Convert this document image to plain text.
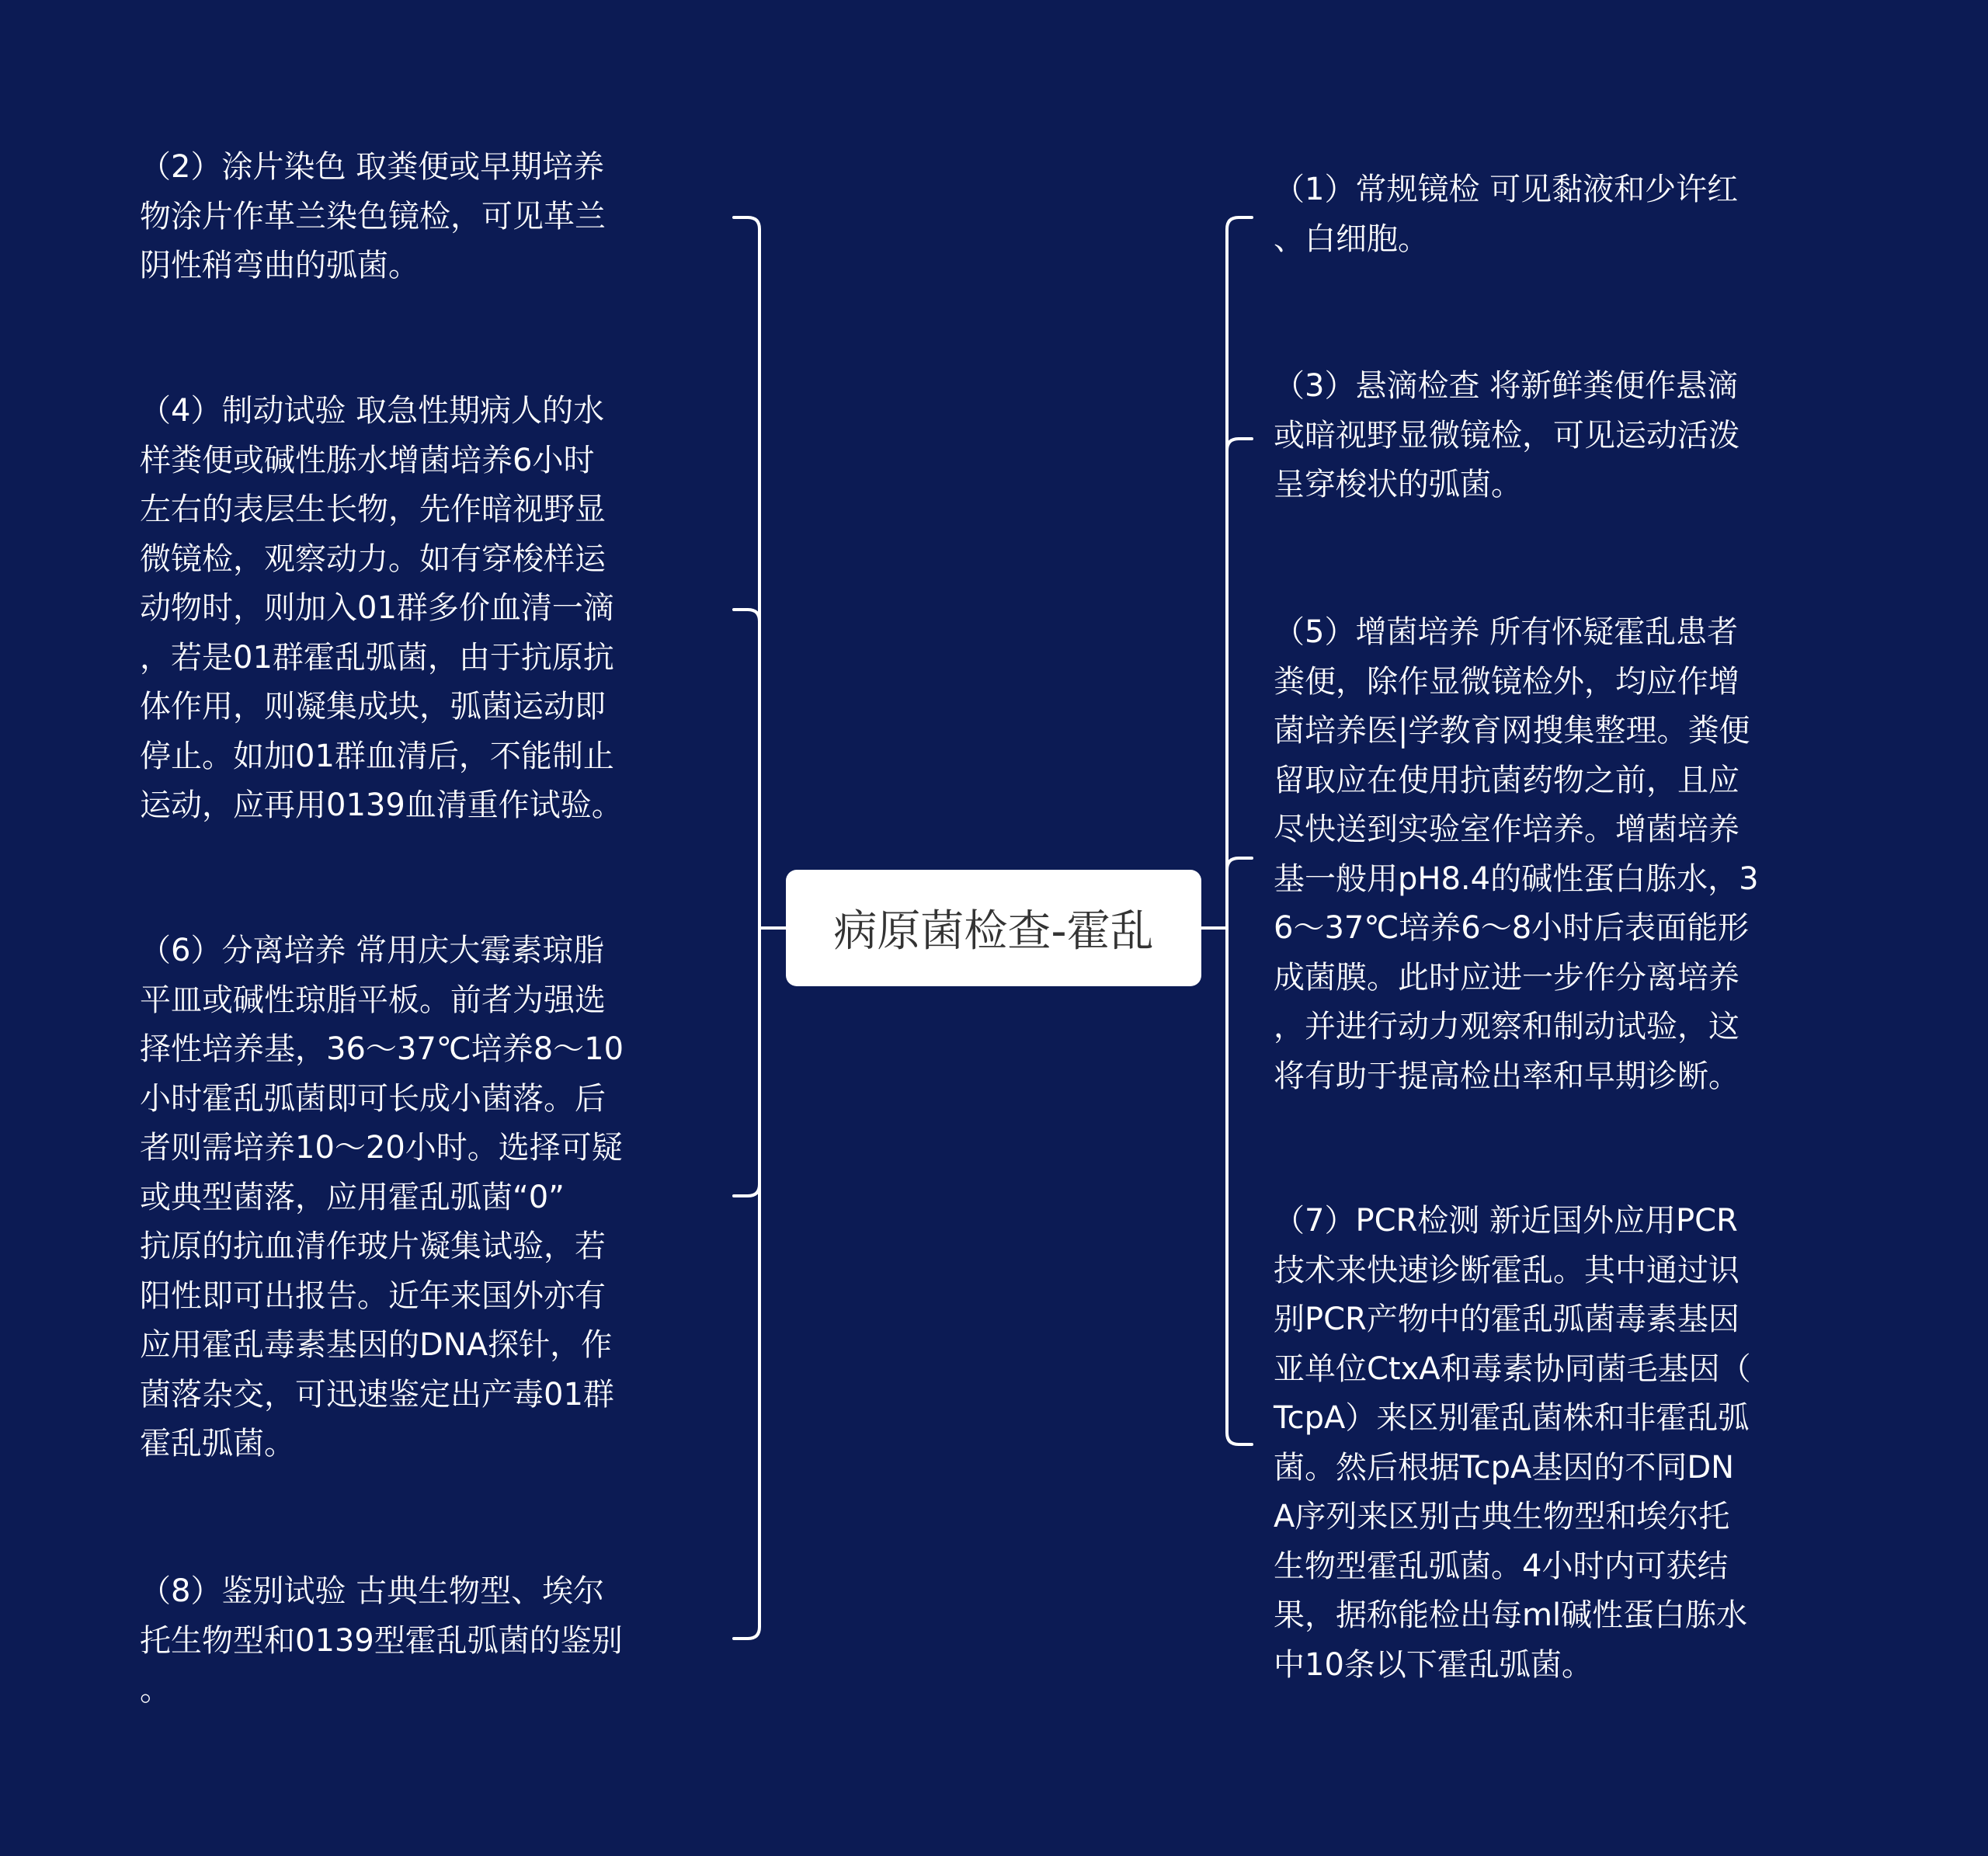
病原菌检查-霍乱
（2）涂片染色 取粪便或早期培养
物涂片作革兰染色镜检，可见革兰
阴性稍弯曲的弧菌。
（4）制动试验 取急性期病人的水
样粪便或碱性胨水增菌培养6小时
左右的表层生长物，先作暗视野显
微镜检，观察动力。如有穿梭样运
动物时，则加入01群多价血清一滴
，若是01群霍乱弧菌，由于抗原抗
体作用，则凝集成块，弧菌运动即
停止。如加01群血清后，不能制止
运动，应再用0139血清重作试验。
（6）分离培养 常用庆大霉素琼脂
平皿或碱性琼脂平板。前者为强选
择性培养基，36～37℃培养8～10
小时霍乱弧菌即可长成小菌落。后
者则需培养10～20小时。选择可疑
或典型菌落，应用霍乱弧菌“0”
抗原的抗血清作玻片凝集试验，若
阳性即可出报告。近年来国外亦有
应用霍乱毒素基因的DNA探针，作
菌落杂交，可迅速鉴定出产毒01群
霍乱弧菌。
（8）鉴别试验 古典生物型、埃尔
托生物型和0139型霍乱弧菌的鉴别
。
（1）常规镜检 可见黏液和少许红
、白细胞。
（3）悬滴检查 将新鲜粪便作悬滴
或暗视野显微镜检，可见运动活泼
呈穿梭状的弧菌。
（5）增菌培养 所有怀疑霍乱患者
粪便，除作显微镜检外，均应作增
菌培养医|学教育网搜集整理。粪便
留取应在使用抗菌药物之前，且应
尽快送到实验室作培养。增菌培养
基一般用pH8.4的碱性蛋白胨水，3
6～37℃培养6～8小时后表面能形
成菌膜。此时应进一步作分离培养
，并进行动力观察和制动试验，这
将有助于提高检出率和早期诊断。
（7）PCR检测 新近国外应用PCR
技术来快速诊断霍乱。其中通过识
别PCR产物中的霍乱弧菌毒素基因
亚单位CtxA和毒素协同菌毛基因（
TcpA）来区别霍乱菌株和非霍乱弧
菌。然后根据TcpA基因的不同DN
A序列来区别古典生物型和埃尔托
生物型霍乱弧菌。4小时内可获结
果，据称能检出每ml碱性蛋白胨水
中10条以下霍乱弧菌。
